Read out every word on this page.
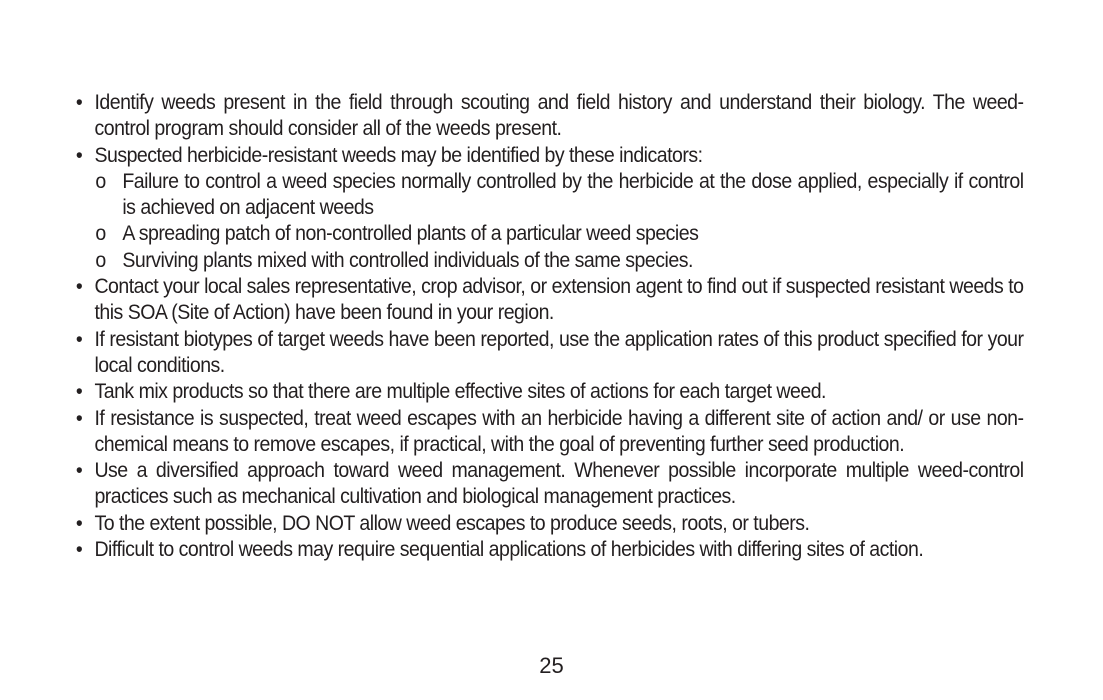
• Identify weeds present in the field through scouting and field history and understand their biology. The weed-control program should consider all of the weeds present.
• Suspected herbicide-resistant weeds may be identified by these indicators:
o Failure to control a weed species normally controlled by the herbicide at the dose applied, especially if control is achieved on adjacent weeds
o A spreading patch of non-controlled plants of a particular weed species
o Surviving plants mixed with controlled individuals of the same species.
• Contact your local sales representative, crop advisor, or extension agent to find out if suspected resistant weeds to this SOA (Site of Action) have been found in your region.
• If resistant biotypes of target weeds have been reported, use the application rates of this product specified for your local conditions.
• Tank mix products so that there are multiple effective sites of actions for each target weed.
• If resistance is suspected, treat weed escapes with an herbicide having a different site of action and/ or use non-chemical means to remove escapes, if practical, with the goal of preventing further seed production.
• Use a diversified approach toward weed management. Whenever possible incorporate multiple weed-control practices such as mechanical cultivation and biological management practices.
• To the extent possible, DO NOT allow weed escapes to produce seeds, roots, or tubers.
• Difficult to control weeds may require sequential applications of herbicides with differing sites of action.
25
